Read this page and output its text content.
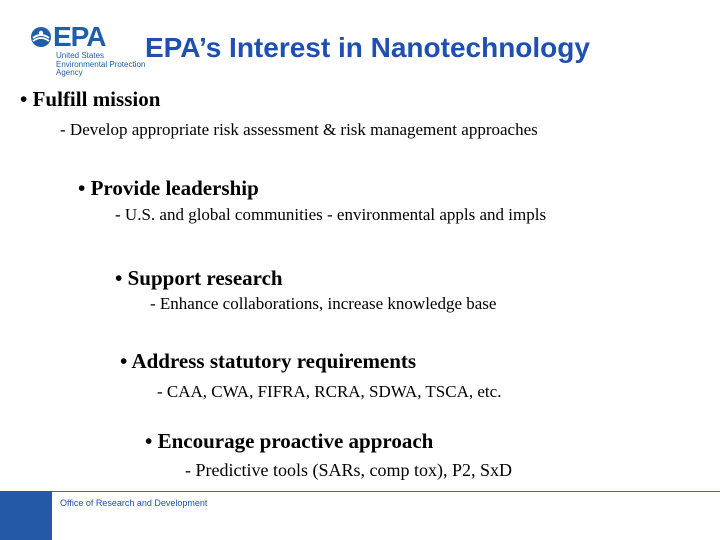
EPA
United States
Environmental Protection
Agency
EPA’s Interest in Nanotechnology
• Fulfill mission
- Develop appropriate risk assessment & risk management approaches
• Provide leadership
- U.S. and global communities - environmental appls and impls
• Support research
- Enhance collaborations, increase knowledge base
• Address statutory requirements
- CAA, CWA, FIFRA, RCRA, SDWA, TSCA, etc.
• Encourage proactive approach
- Predictive tools (SARs, comp tox), P2, SxD
Office of Research and Development
